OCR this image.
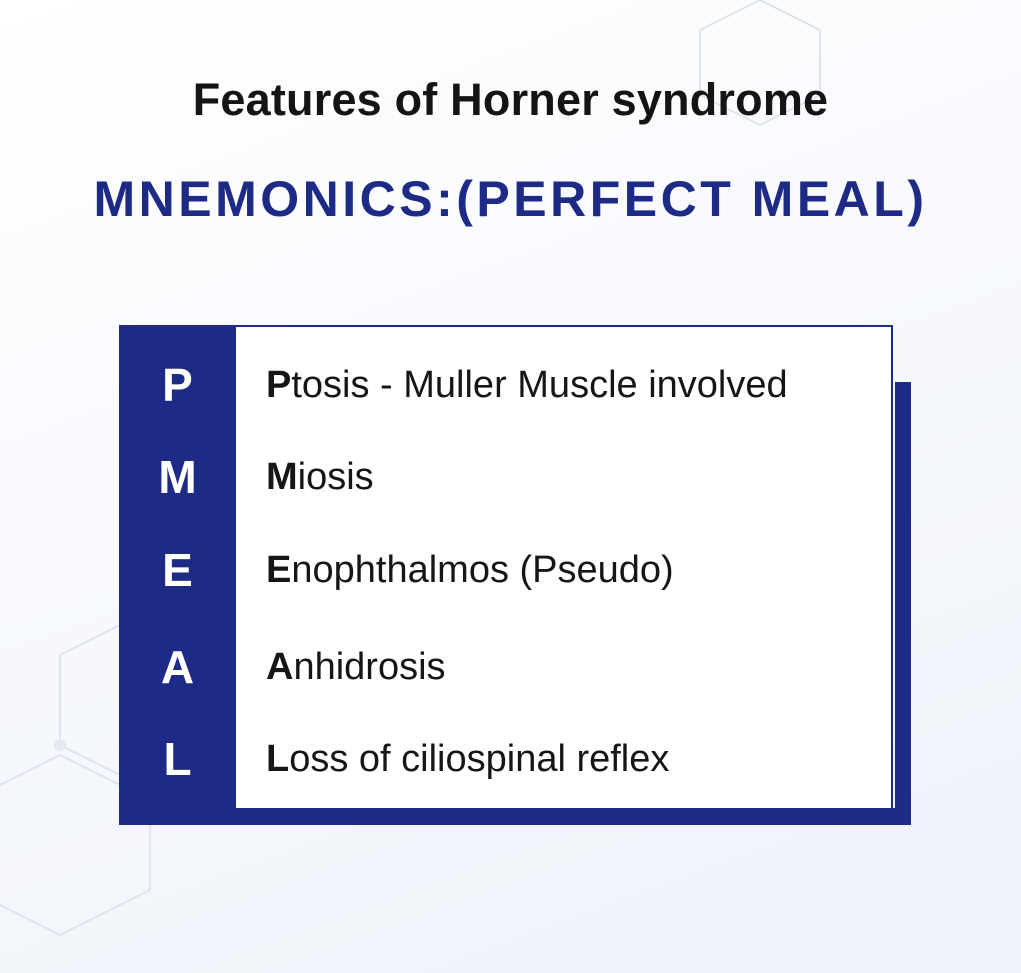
Features of Horner syndrome
MNEMONICS:(PERFECT MEAL)
P	Ptosis - Muller Muscle involved
M	Miosis
E	Enophthalmos (Pseudo)
A	Anhidrosis
L	Loss of ciliospinal reflex
